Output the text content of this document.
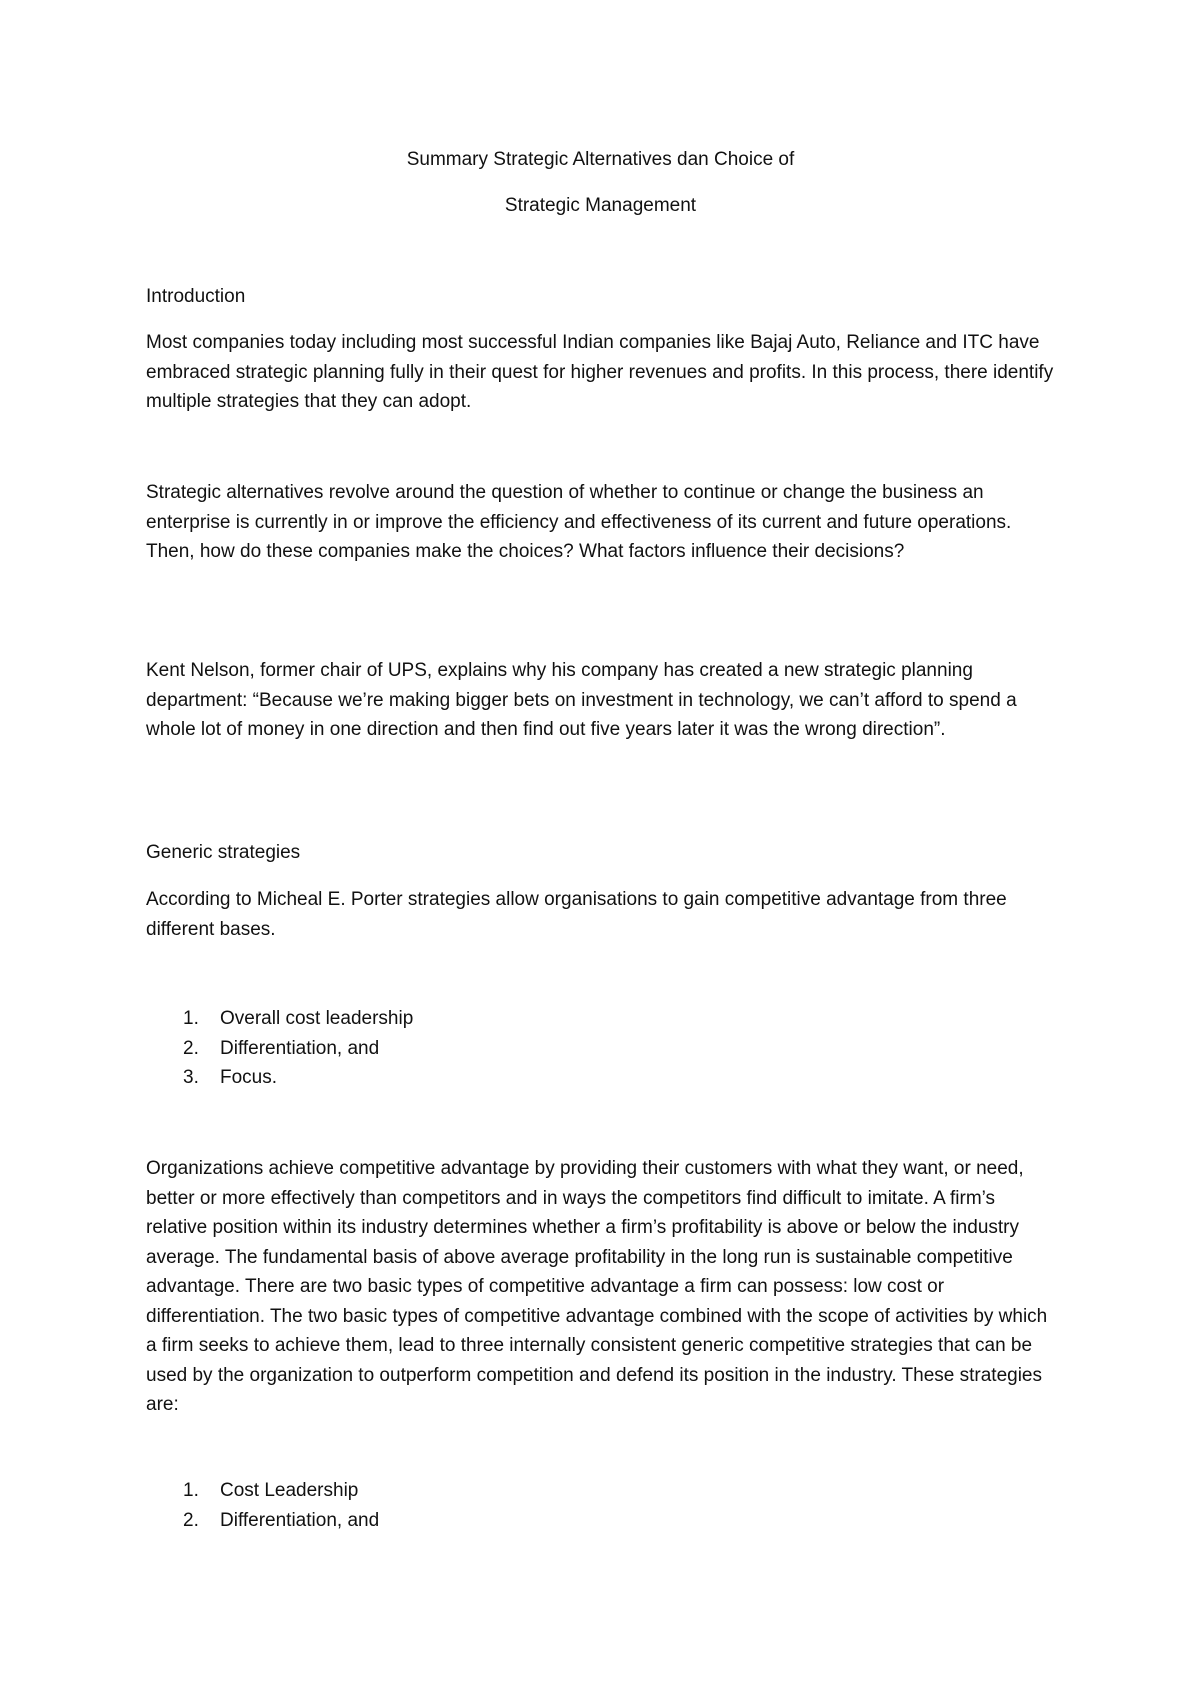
Summary Strategic Alternatives dan Choice of
Strategic Management
Introduction

Most companies today including most successful Indian companies like Bajaj Auto, Reliance and ITC have embraced strategic planning fully in their quest for higher revenues and profits. In this process, there identify multiple strategies that they can adopt.

Strategic alternatives revolve around the question of whether to continue or change the business an enterprise is currently in or improve the efficiency and effectiveness of its current and future operations. Then, how do these companies make the choices? What factors influence their decisions?

Kent Nelson, former chair of UPS, explains why his company has created a new strategic planning department: “Because we’re making bigger bets on investment in technology, we can’t afford to spend a whole lot of money in one direction and then find out five years later it was the wrong direction”.

Generic strategies

According to Micheal E. Porter strategies allow organisations to gain competitive advantage from three different bases.

1. Overall cost leadership
2. Differentiation, and
3. Focus.

Organizations achieve competitive advantage by providing their customers with what they want, or need, better or more effectively than competitors and in ways the competitors find difficult to imitate. A firm’s relative position within its industry determines whether a firm’s profitability is above or below the industry average. The fundamental basis of above average profitability in the long run is sustainable competitive advantage. There are two basic types of competitive advantage a firm can possess: low cost or differentiation. The two basic types of competitive advantage combined with the scope of activities by which a firm seeks to achieve them, lead to three internally consistent generic competitive strategies that can be used by the organization to outperform competition and defend its position in the industry. These strategies are:

1. Cost Leadership
2. Differentiation, and
